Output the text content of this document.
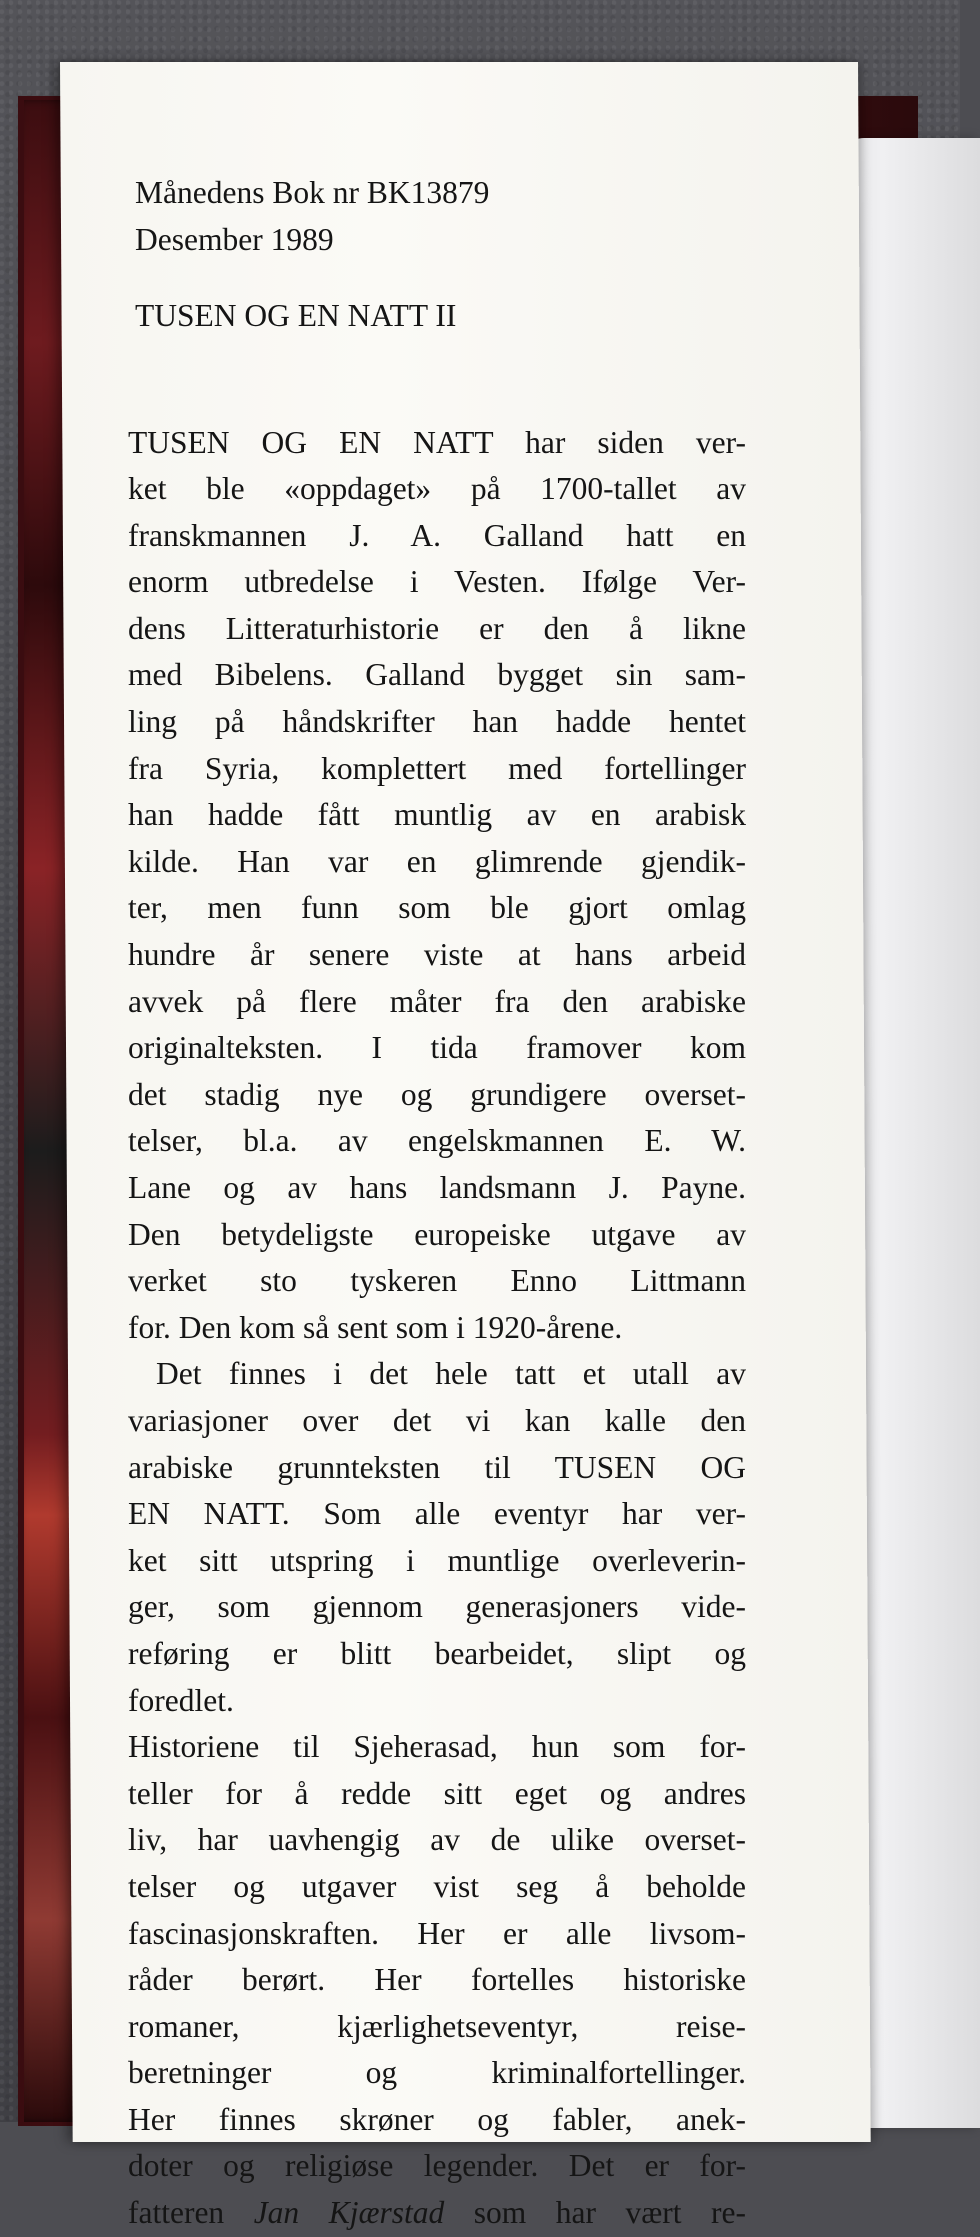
Månedens Bok nr BK13879
Desember 1989
TUSEN OG EN NATT II
TUSEN OG EN NATT har siden ver-
ket ble «oppdaget» på 1700-tallet av
franskmannen J. A. Galland hatt en
enorm utbredelse i Vesten. Ifølge Ver-
dens Litteraturhistorie er den å likne
med Bibelens. Galland bygget sin sam-
ling på håndskrifter han hadde hentet
fra Syria, komplettert med fortellinger
han hadde fått muntlig av en arabisk
kilde. Han var en glimrende gjendik-
ter, men funn som ble gjort omlag
hundre år senere viste at hans arbeid
avvek på flere måter fra den arabiske
originalteksten. I tida framover kom
det stadig nye og grundigere overset-
telser, bl.a. av engelskmannen E. W.
Lane og av hans landsmann J. Payne.
Den betydeligste europeiske utgave av
verket sto tyskeren Enno Littmann
for. Den kom så sent som i 1920-årene.
Det finnes i det hele tatt et utall av
variasjoner over det vi kan kalle den
arabiske grunnteksten til TUSEN OG
EN NATT. Som alle eventyr har ver-
ket sitt utspring i muntlige overleverin-
ger, som gjennom generasjoners vide-
reføring er blitt bearbeidet, slipt og
foredlet.
Historiene til Sjeherasad, hun som for-
teller for å redde sitt eget og andres
liv, har uavhengig av de ulike overset-
telser og utgaver vist seg å beholde
fascinasjonskraften. Her er alle livsom-
råder berørt. Her fortelles historiske
romaner, kjærlighetseventyr, reise-
beretninger og kriminalfortellinger.
Her finnes skrøner og fabler, anek-
doter og religiøse legender. Det er for-
fatteren Jan Kjærstad som har vært re-
